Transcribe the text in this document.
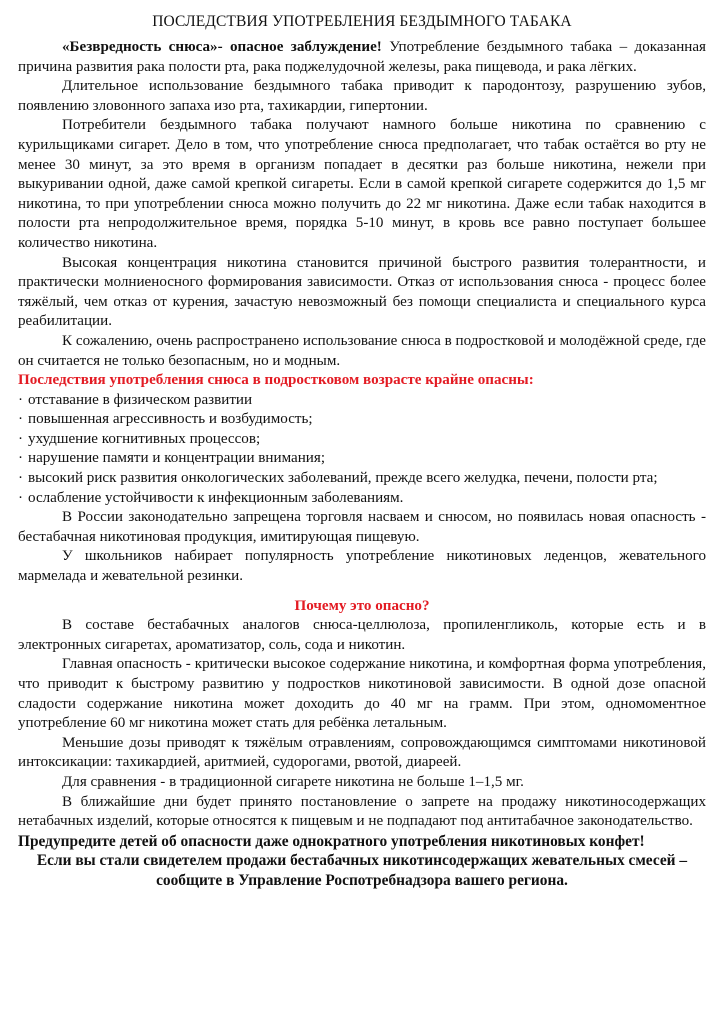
ПОСЛЕДСТВИЯ УПОТРЕБЛЕНИЯ БЕЗДЫМНОГО ТАБАКА

«Безвредность снюса»- опасное заблуждение! Употребление бездымного табака – доказанная причина развития рака полости рта, рака поджелудочной железы, рака пищевода, и рака лёгких.

Длительное использование бездымного табака приводит к пародонтозу, разрушению зубов, появлению зловонного запаха изо рта, тахикардии, гипертонии.

Потребители бездымного табака получают намного больше никотина по сравнению с курильщиками сигарет. Дело в том, что употребление снюса предполагает, что табак остаётся во рту не менее 30 минут, за это время в организм попадает в десятки раз больше никотина, нежели при выкуривании одной, даже самой крепкой сигареты. Если в самой крепкой сигарете содержится до 1,5 мг никотина, то при употреблении снюса можно получить до 22 мг никотина. Даже если табак находится в полости рта непродолжительное время, порядка 5-10 минут, в кровь все равно поступает большее количество никотина.

Высокая концентрация никотина становится причиной быстрого развития толерантности, и практически молниеносного формирования зависимости. Отказ от использования снюса - процесс более тяжёлый, чем отказ от курения, зачастую невозможный без помощи специалиста и специального курса реабилитации.

К сожалению, очень распространено использование снюса в подростковой и молодёжной среде, где он считается не только безопасным, но и модным.

Последствия употребления снюса в подростковом возрасте крайне опасны:

· отставание в физическом развитии
· повышенная агрессивность и возбудимость;
· ухудшение когнитивных процессов;
· нарушение памяти и концентрации внимания;
· высокий риск развития онкологических заболеваний, прежде всего желудка, печени, полости рта;
· ослабление устойчивости к инфекционным заболеваниям.

В России законодательно запрещена торговля насваем и снюсом, но появилась новая опасность - бестабачная никотиновая продукция, имитирующая пищевую.

У школьников набирает популярность употребление никотиновых леденцов, жевательного мармелада и жевательной резинки.

Почему это опасно?

В составе бестабачных аналогов снюса-целлюлоза, пропиленгликоль, которые есть и в электронных сигаретах, ароматизатор, соль, сода и никотин.

Главная опасность - критически высокое содержание никотина, и комфортная форма употребления, что приводит к быстрому развитию у подростков никотиновой зависимости. В одной дозе опасной сладости содержание никотина может доходить до 40 мг на грамм. При этом, одномоментное употребление 60 мг никотина может стать для ребёнка летальным.

Меньшие дозы приводят к тяжёлым отравлениям, сопровождающимся симптомами никотиновой интоксикации: тахикардией, аритмией, судорогами, рвотой, диареей.

Для сравнения - в традиционной сигарете никотина не больше 1–1,5 мг.

В ближайшие дни будет принято постановление о запрете на продажу никотиносодержащих нетабачных изделий, которые относятся к пищевым и не подпадают под антитабачное законодательство.

Предупредите детей об опасности даже однократного употребления никотиновых конфет!

Если вы стали свидетелем продажи бестабачных никотинсодержащих жевательных смесей – сообщите в Управление Роспотребнадзора вашего региона.
